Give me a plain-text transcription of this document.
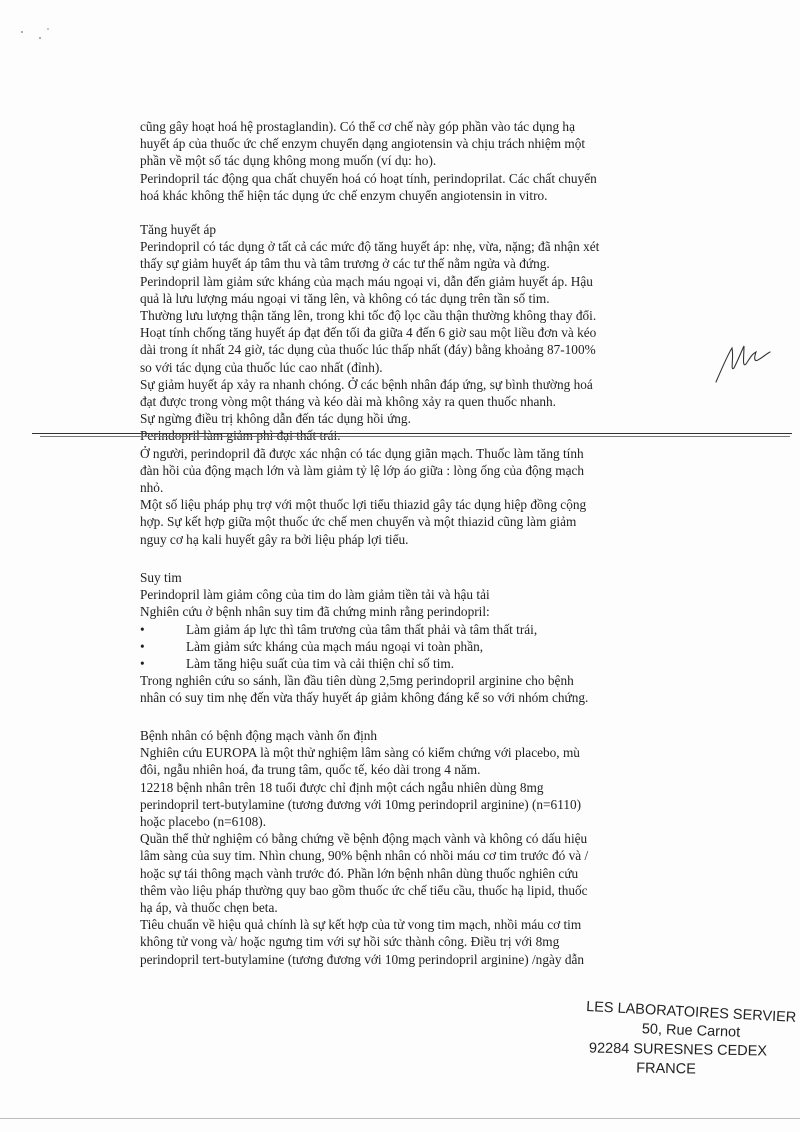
cũng gây hoạt hoá hệ prostaglandin). Có thể cơ chế này góp phần vào tác dụng hạ

huyết áp của thuốc ức chế enzym chuyển dạng angiotensin và chịu trách nhiệm một

phần về một số tác dụng không mong muốn (ví dụ: ho).

Perindopril tác động qua chất chuyển hoá có hoạt tính, perindoprilat. Các chất chuyển

hoá khác không thể hiện tác dụng ức chế enzym chuyển angiotensin in vitro.

Tăng huyết áp

Perindopril có tác dụng ở tất cả các mức độ tăng huyết áp: nhẹ, vừa, nặng; đã nhận xét

thấy sự giảm huyết áp tâm thu và tâm trương ở các tư thế nằm ngửa và đứng.

Perindopril làm giảm sức kháng của mạch máu ngoại vi, dẫn đến giảm huyết áp. Hậu

quả là lưu lượng máu ngoại vi tăng lên, và không có tác dụng trên tần số tim.

Thường lưu lượng thận tăng lên, trong khi tốc độ lọc cầu thận thường không thay đổi.

Hoạt tính chống tăng huyết áp đạt đến tối đa giữa 4 đến 6 giờ sau một liều đơn và kéo

dài trong ít nhất 24 giờ, tác dụng của thuốc lúc thấp nhất (đáy) bằng khoảng 87-100%

so với tác dụng của thuốc lúc cao nhất (đỉnh).

Sự giảm huyết áp xảy ra nhanh chóng. Ở các bệnh nhân đáp ứng, sự bình thường hoá

đạt được trong vòng một tháng và kéo dài mà không xảy ra quen thuốc nhanh.

Sự ngừng điều trị không dẫn đến tác dụng hồi ứng.

Perindopril làm giảm phì đại thất trái.

Ở người, perindopril đã được xác nhận có tác dụng giãn mạch. Thuốc làm tăng tính

đàn hồi của động mạch lớn và làm giảm tỷ lệ lớp áo giữa : lòng ống của động mạch

nhỏ.

Một số liệu pháp phụ trợ với một thuốc lợi tiểu thiazid gây tác dụng hiệp đồng cộng

hợp. Sự kết hợp giữa một thuốc ức chế men chuyển và một thiazid cũng làm giảm

nguy cơ hạ kali huyết gây ra bởi liệu pháp lợi tiểu.

Suy tim

Perindopril làm giảm công của tim do làm giảm tiền tải và hậu tải

Nghiên cứu ở bệnh nhân suy tim đã chứng minh rằng perindopril:

•	Làm giảm áp lực thì tâm trương của tâm thất phải và tâm thất trái,
•	Làm giảm sức kháng của mạch máu ngoại vi toàn phần,
•	Làm tăng hiệu suất của tim và cải thiện chỉ số tim.

Trong nghiên cứu so sánh, lần đầu tiên dùng 2,5mg perindopril arginine cho bệnh

nhân có suy tim nhẹ đến vừa thấy huyết áp giảm không đáng kể so với nhóm chứng.

Bệnh nhân có bệnh động mạch vành ổn định

Nghiên cứu EUROPA là một thử nghiệm lâm sàng có kiểm chứng với placebo, mù

đôi, ngẫu nhiên hoá, đa trung tâm, quốc tế, kéo dài trong 4 năm.

12218 bệnh nhân trên 18 tuổi được chỉ định một cách ngẫu nhiên dùng 8mg

perindopril tert-butylamine (tương đương với 10mg perindopril arginine) (n=6110)

hoặc placebo (n=6108).

Quần thể thử nghiệm có bằng chứng về bệnh động mạch vành và không có dấu hiệu

lâm sàng của suy tim. Nhìn chung, 90% bệnh nhân có nhồi máu cơ tim trước đó và /

hoặc sự tái thông mạch vành trước đó. Phần lớn bệnh nhân dùng thuốc nghiên cứu

thêm vào liệu pháp thường quy bao gồm thuốc ức chế tiểu cầu, thuốc hạ lipid, thuốc

hạ áp, và thuốc chẹn beta.

Tiêu chuẩn về hiệu quả chính là sự kết hợp của tử vong tim mạch, nhồi máu cơ tim

không tử vong và/ hoặc ngưng tim với sự hồi sức thành công. Điều trị với 8mg

perindopril tert-butylamine (tương đương với 10mg perindopril arginine) /ngày dẫn

LES LABORATOIRES SERVIER
50, Rue Carnot
92284 SURESNES CEDEX
FRANCE
